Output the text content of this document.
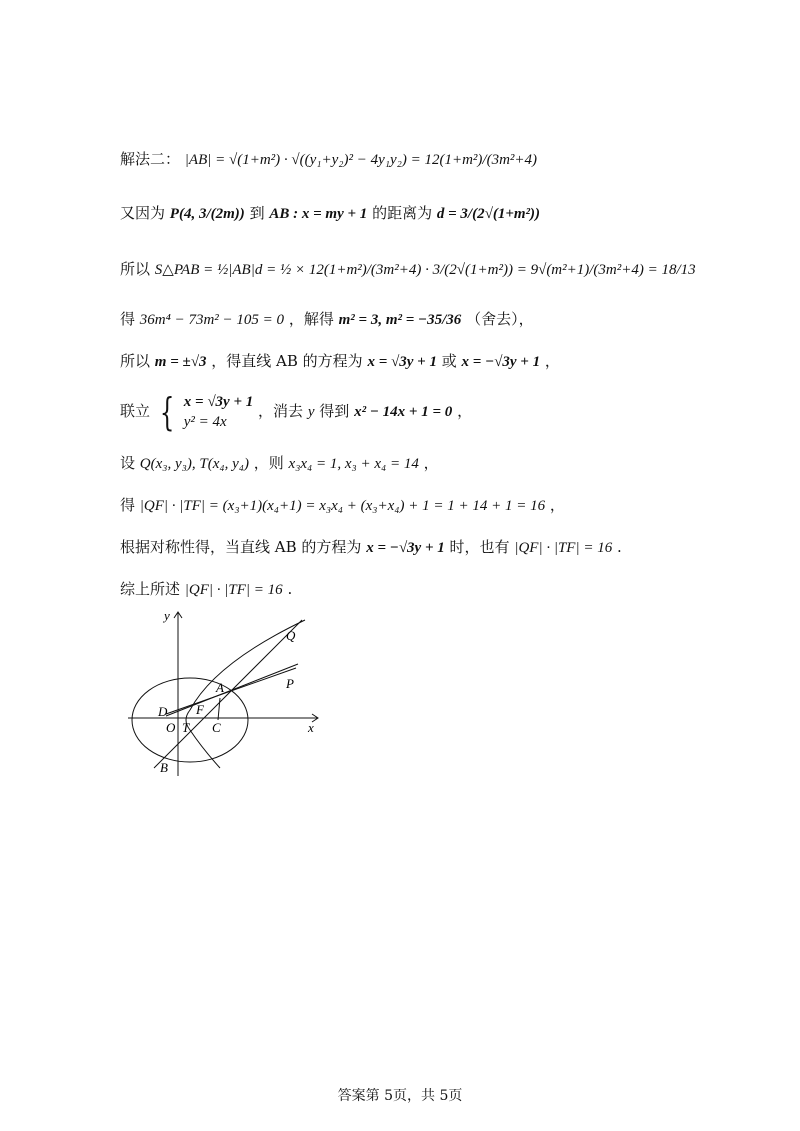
解法二： |AB| = √(1+m²) · √((y₁+y₂)² − 4y₁y₂) = 12(1+m²)/(3m²+4)
又因为 P(4, 3/(2m)) 到 AB : x = my + 1 的距离为 d = 3/(2√(1+m²))
所以 S△PAB = ½|AB|d = ½ × 12(1+m²)/(3m²+4) · 3/(2√(1+m²)) = 9√(m²+1)/(3m²+4) = 18/13
得 36m⁴ − 73m² − 105 = 0 ，解得 m² = 3, m² = −35/36 （舍去），
所以 m = ±√3 ，得直线 AB 的方程为 x = √3y + 1 或 x = −√3y + 1 ，
联立 { x = √3y + 1
y² = 4x
，消去 y 得到 x² − 14x + 1 = 0 ，
设 Q(x₃, y₃), T(x₄, y₄) ，则 x₃x₄ = 1, x₃ + x₄ = 14 ，
得 |QF| · |TF| = (x₃+1)(x₄+1) = x₃x₄ + (x₃+x₄) + 1 = 1 + 14 + 1 = 16 ，
根据对称性得，当直线 AB 的方程为 x = −√3y + 1 时，也有 |QF| · |TF| = 16 .
综上所述 |QF| · |TF| = 16 .
y
x
Q
A	P
D F
O T C
B
答案第 5页，共 5页
